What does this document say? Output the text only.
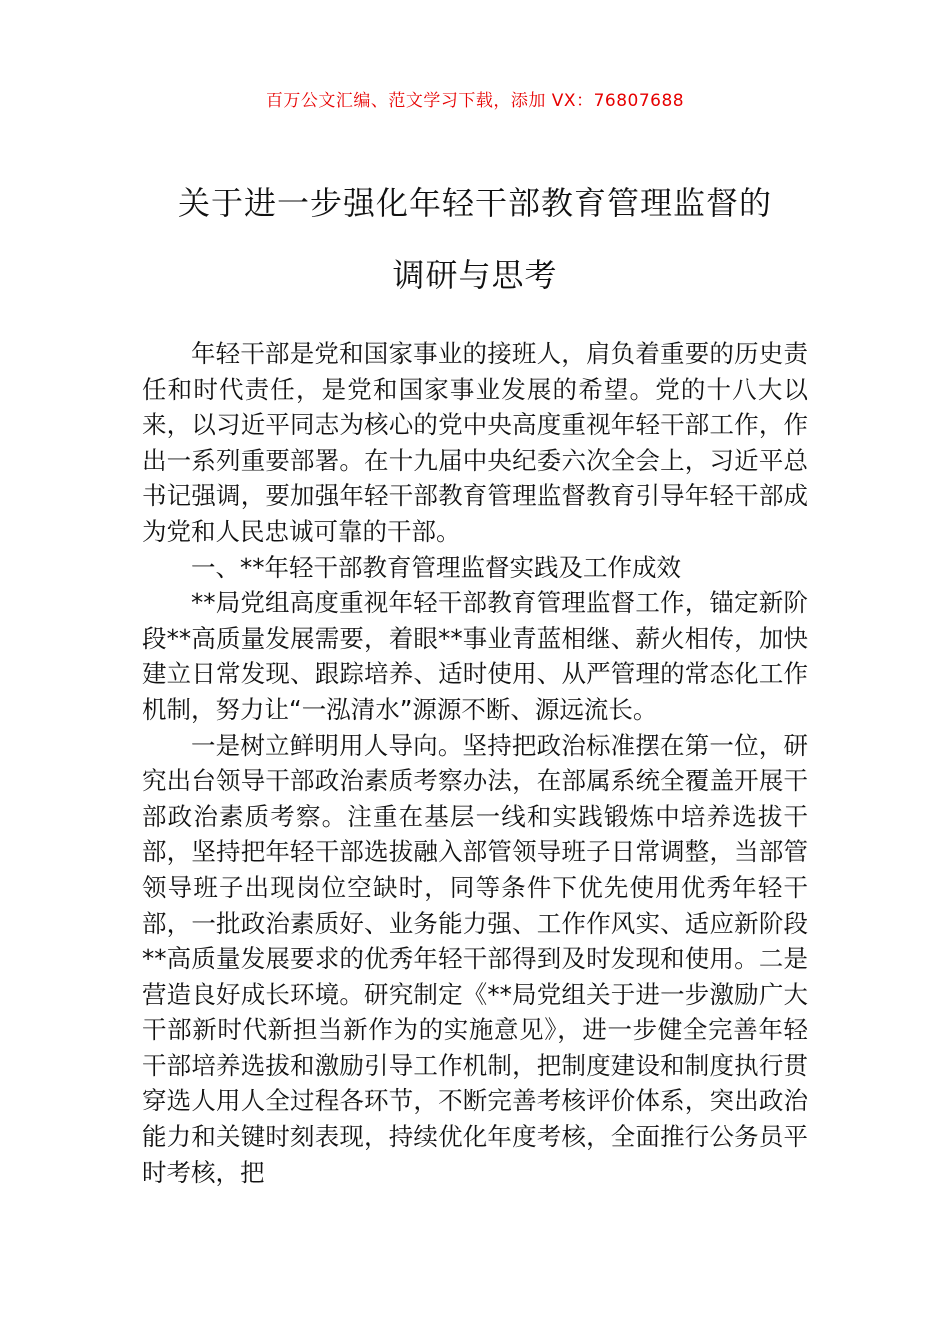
百万公文汇编、范文学习下载，添加 VX：76807688
关于进一步强化年轻干部教育管理监督的
调研与思考

年轻干部是党和国家事业的接班人，肩负着重要的历史责任和时代责任，是党和国家事业发展的希望。党的十八大以来，以习近平同志为核心的党中央高度重视年轻干部工作，作出一系列重要部署。在十九届中央纪委六次全会上，习近平总书记强调，要加强年轻干部教育管理监督教育引导年轻干部成为党和人民忠诚可靠的干部。

一、**年轻干部教育管理监督实践及工作成效

**局党组高度重视年轻干部教育管理监督工作，锚定新阶段**高质量发展需要，着眼**事业青蓝相继、薪火相传，加快建立日常发现、跟踪培养、适时使用、从严管理的常态化工作机制，努力让“一泓清水”源源不断、源远流长。

一是树立鲜明用人导向。坚持把政治标准摆在第一位，研究出台领导干部政治素质考察办法，在部属系统全覆盖开展干部政治素质考察。注重在基层一线和实践锻炼中培养选拔干部，坚持把年轻干部选拔融入部管领导班子日常调整，当部管领导班子出现岗位空缺时，同等条件下优先使用优秀年轻干部，一批政治素质好、业务能力强、工作作风实、适应新阶段**高质量发展要求的优秀年轻干部得到及时发现和使用。二是营造良好成长环境。研究制定《**局党组关于进一步激励广大干部新时代新担当新作为的实施意见》，进一步健全完善年轻干部培养选拔和激励引导工作机制，把制度建设和制度执行贯穿选人用人全过程各环节，不断完善考核评价体系，突出政治能力和关键时刻表现，持续优化年度考核，全面推行公务员平时考核，把
